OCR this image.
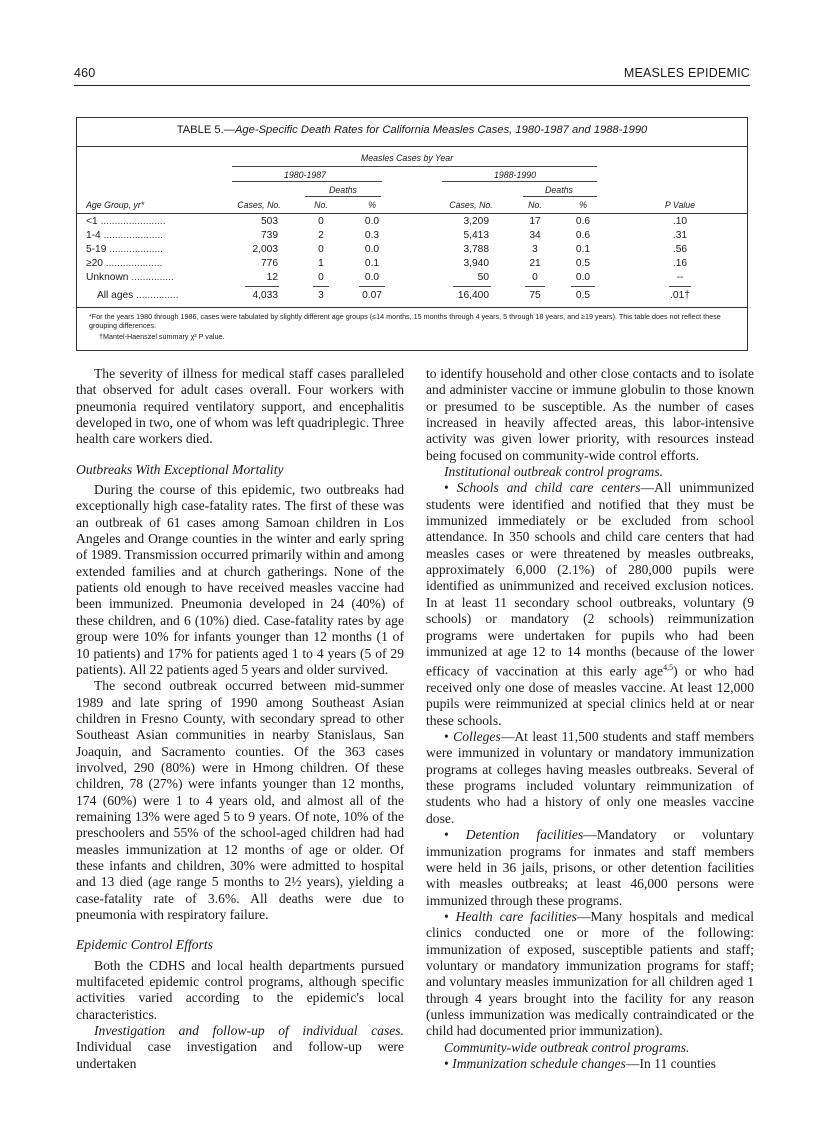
460	MEASLES EPIDEMIC
TABLE 5.—Age-Specific Death Rates for California Measles Cases, 1980-1987 and 1988-1990
Measles Cases by Year
1980-1987	1988-1990
Deaths	Deaths
Age Group, yr*	Cases, No.	No.	%	Cases, No.	No.	%	P Value
<1 .......................	503	0	0.0	3,209	17	0.6	.10
1-4 .....................	739	2	0.3	5,413	34	0.6	.31
5-19 ...................	2,003	0	0.0	3,788	3	0.1	.56
≥20 ....................	776	1	0.1	3,940	21	0.5	.16
Unknown ...............	12	0	0.0	50	0	0.0	--
All ages ...............	4,033	3	0.07	16,400	75	0.5	.01†
*For the years 1980 through 1986, cases were tabulated by slightly different age groups (≤14 months, 15 months through 4 years, 5 through 18 years, and ≥19 years). This table does not reflect these grouping differences.
†Mantel-Haenszel summary χ² P value.

The severity of illness for medical staff cases paralleled that observed for adult cases overall. Four workers with pneumonia required ventilatory support, and encephalitis developed in two, one of whom was left quadriplegic. Three health care workers died.

Outbreaks With Exceptional Mortality

During the course of this epidemic, two outbreaks had exceptionally high case-fatality rates. The first of these was an outbreak of 61 cases among Samoan children in Los Angeles and Orange counties in the winter and early spring of 1989. Transmission occurred primarily within and among extended families and at church gatherings. None of the patients old enough to have received measles vaccine had been immunized. Pneumonia developed in 24 (40%) of these children, and 6 (10%) died. Case-fatality rates by age group were 10% for infants younger than 12 months (1 of 10 patients) and 17% for patients aged 1 to 4 years (5 of 29 patients). All 22 patients aged 5 years and older survived.

The second outbreak occurred between mid-summer 1989 and late spring of 1990 among Southeast Asian children in Fresno County, with secondary spread to other Southeast Asian communities in nearby Stanislaus, San Joaquin, and Sacramento counties. Of the 363 cases involved, 290 (80%) were in Hmong children. Of these children, 78 (27%) were infants younger than 12 months, 174 (60%) were 1 to 4 years old, and almost all of the remaining 13% were aged 5 to 9 years. Of note, 10% of the preschoolers and 55% of the school-aged children had had measles immunization at 12 months of age or older. Of these infants and children, 30% were admitted to hospital and 13 died (age range 5 months to 2½ years), yielding a case-fatality rate of 3.6%. All deaths were due to pneumonia with respiratory failure.

Epidemic Control Efforts

Both the CDHS and local health departments pursued multifaceted epidemic control programs, although specific activities varied according to the epidemic's local characteristics.

Investigation and follow-up of individual cases. Individual case investigation and follow-up were undertaken

to identify household and other close contacts and to isolate and administer vaccine or immune globulin to those known or presumed to be susceptible. As the number of cases increased in heavily affected areas, this labor-intensive activity was given lower priority, with resources instead being focused on community-wide control efforts.

Institutional outbreak control programs.

• Schools and child care centers—All unimmunized students were identified and notified that they must be immunized immediately or be excluded from school attendance. In 350 schools and child care centers that had measles cases or were threatened by measles outbreaks, approximately 6,000 (2.1%) of 280,000 pupils were identified as unimmunized and received exclusion notices. In at least 11 secondary school outbreaks, voluntary (9 schools) or mandatory (2 schools) reimmunization programs were undertaken for pupils who had been immunized at age 12 to 14 months (because of the lower efficacy of vaccination at this early age$^{4,5}$) or who had received only one dose of measles vaccine. At least 12,000 pupils were reimmunized at special clinics held at or near these schools.

• Colleges—At least 11,500 students and staff members were immunized in voluntary or mandatory immunization programs at colleges having measles outbreaks. Several of these programs included voluntary reimmunization of students who had a history of only one measles vaccine dose.

• Detention facilities—Mandatory or voluntary immunization programs for inmates and staff members were held in 36 jails, prisons, or other detention facilities with measles outbreaks; at least 46,000 persons were immunized through these programs.

• Health care facilities—Many hospitals and medical clinics conducted one or more of the following: immunization of exposed, susceptible patients and staff; voluntary or mandatory immunization programs for staff; and voluntary measles immunization for all children aged 1 through 4 years brought into the facility for any reason (unless immunization was medically contraindicated or the child had documented prior immunization).

Community-wide outbreak control programs.

• Immunization schedule changes—In 11 counties
